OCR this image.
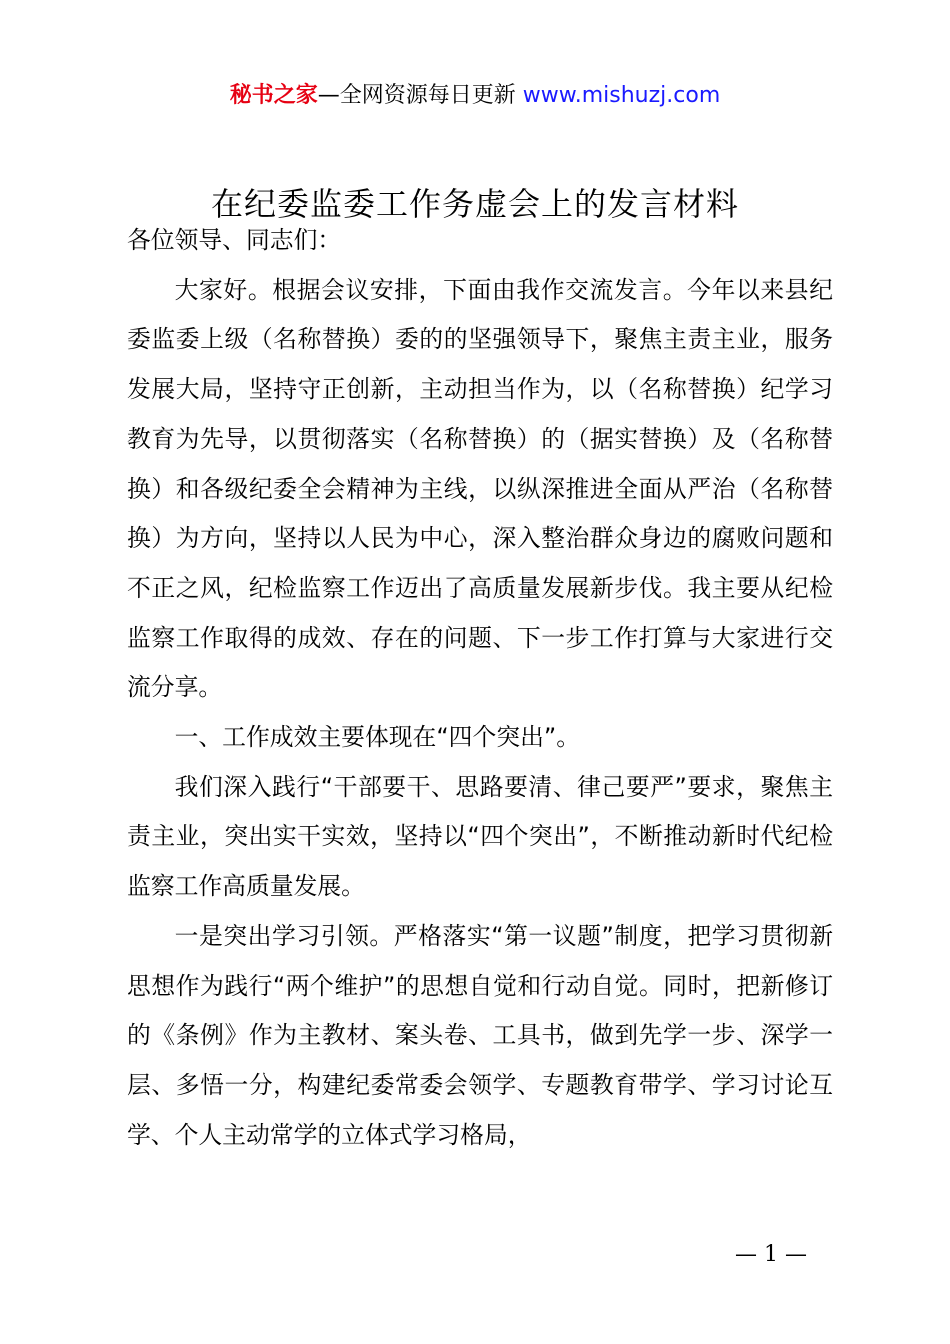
秘书之家—全网资源每日更新 www.mishuzj.com
在纪委监委工作务虚会上的发言材料

各位领导、同志们：

大家好。根据会议安排，下面由我作交流发言。今年以来县纪委监委上级（名称替换）委的的坚强领导下，聚焦主责主业，服务发展大局，坚持守正创新，主动担当作为，以（名称替换）纪学习教育为先导，以贯彻落实（名称替换）的（据实替换）及（名称替换）和各级纪委全会精神为主线，以纵深推进全面从严治（名称替换）为方向，坚持以人民为中心，深入整治群众身边的腐败问题和不正之风，纪检监察工作迈出了高质量发展新步伐。我主要从纪检监察工作取得的成效、存在的问题、下一步工作打算与大家进行交流分享。

一、工作成效主要体现在“四个突出”。

我们深入践行“干部要干、思路要清、律己要严”要求，聚焦主责主业，突出实干实效，坚持以“四个突出”，不断推动新时代纪检监察工作高质量发展。

一是突出学习引领。严格落实“第一议题”制度，把学习贯彻新思想作为践行“两个维护”的思想自觉和行动自觉。同时，把新修订的《条例》作为主教材、案头卷、工具书，做到先学一步、深学一层、多悟一分，构建纪委常委会领学、专题教育带学、学习讨论互学、个人主动常学的立体式学习格局，

— 1 —
